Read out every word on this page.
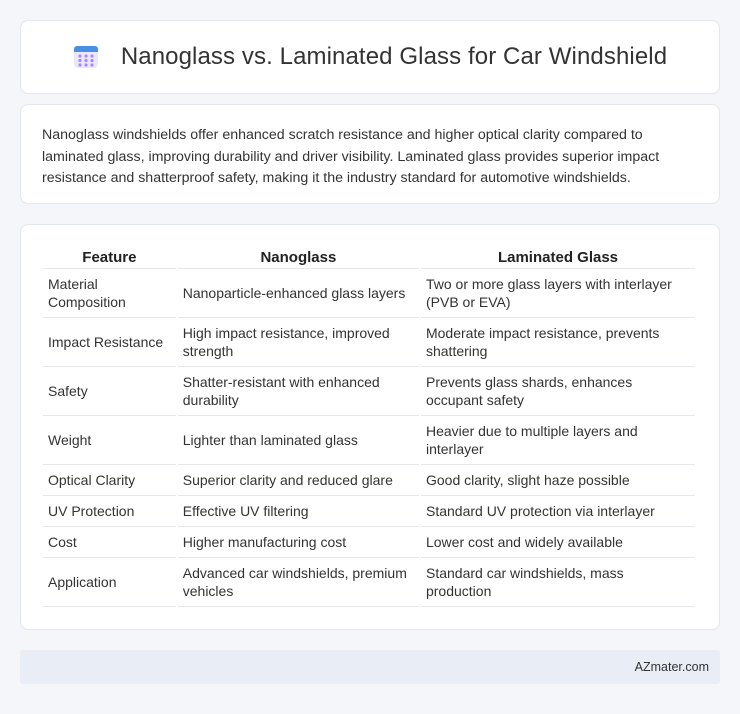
Nanoglass vs. Laminated Glass for Car Windshield

Nanoglass windshields offer enhanced scratch resistance and higher optical clarity compared to laminated glass, improving durability and driver visibility. Laminated glass provides superior impact resistance and shatterproof safety, making it the industry standard for automotive windshields.

Feature	Nanoglass	Laminated Glass
Material Composition	Nanoparticle-enhanced glass layers	Two or more glass layers with interlayer (PVB or EVA)
Impact Resistance	High impact resistance, improved strength	Moderate impact resistance, prevents shattering
Safety	Shatter-resistant with enhanced durability	Prevents glass shards, enhances occupant safety
Weight	Lighter than laminated glass	Heavier due to multiple layers and interlayer
Optical Clarity	Superior clarity and reduced glare	Good clarity, slight haze possible
UV Protection	Effective UV filtering	Standard UV protection via interlayer
Cost	Higher manufacturing cost	Lower cost and widely available
Application	Advanced car windshields, premium vehicles	Standard car windshields, mass production
AZmater.com
